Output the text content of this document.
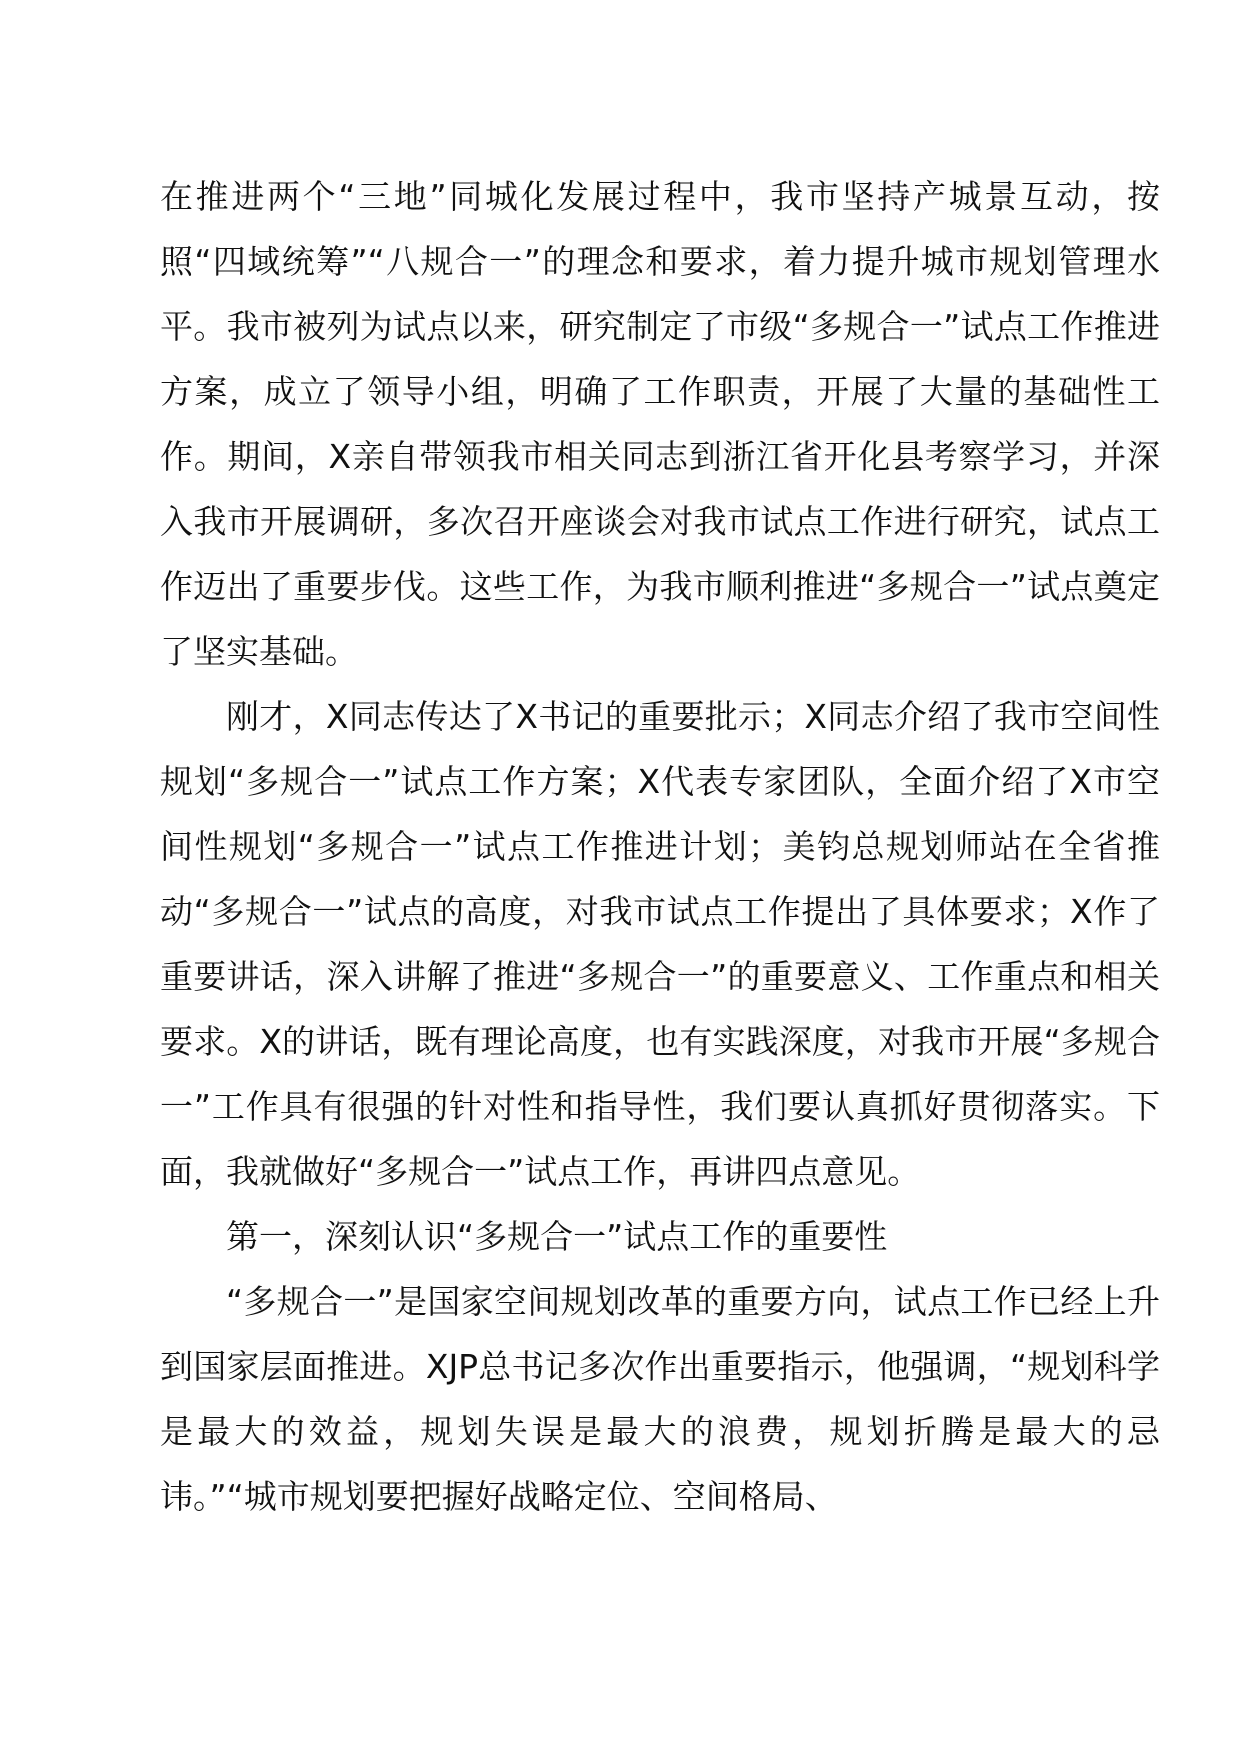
在推进两个“三地”同城化发展过程中，我市坚持产城景互动，按照“四域统筹”“八规合一”的理念和要求，着力提升城市规划管理水平。我市被列为试点以来，研究制定了市级“多规合一”试点工作推进方案，成立了领导小组，明确了工作职责，开展了大量的基础性工作。期间，X亲自带领我市相关同志到浙江省开化县考察学习，并深入我市开展调研，多次召开座谈会对我市试点工作进行研究，试点工作迈出了重要步伐。这些工作，为我市顺利推进“多规合一”试点奠定了坚实基础。

刚才，X同志传达了X书记的重要批示；X同志介绍了我市空间性规划“多规合一”试点工作方案；X代表专家团队，全面介绍了X市空间性规划“多规合一”试点工作推进计划；美钧总规划师站在全省推动“多规合一”试点的高度，对我市试点工作提出了具体要求；X作了重要讲话，深入讲解了推进“多规合一”的重要意义、工作重点和相关要求。X的讲话，既有理论高度，也有实践深度，对我市开展“多规合一”工作具有很强的针对性和指导性，我们要认真抓好贯彻落实。下面，我就做好“多规合一”试点工作，再讲四点意见。

第一，深刻认识“多规合一”试点工作的重要性

“多规合一”是国家空间规划改革的重要方向，试点工作已经上升到国家层面推进。XJP总书记多次作出重要指示，他强调，“规划科学是最大的效益，规划失误是最大的浪费，规划折腾是最大的忌讳。”“城市规划要把握好战略定位、空间格局、
